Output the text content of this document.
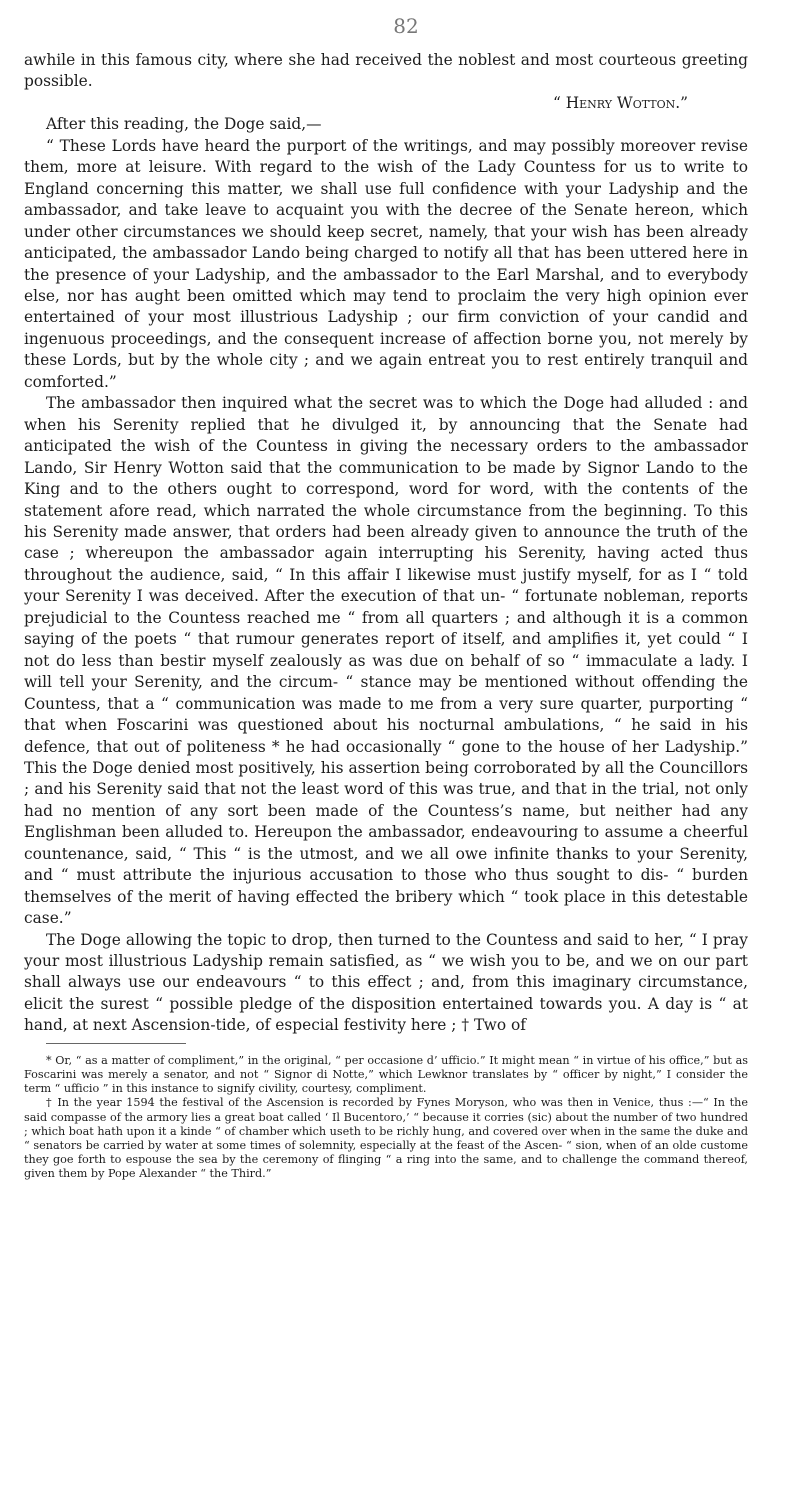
82

awhile in this famous city, where she had received the noblest and most courteous greeting possible.

“ Henry Wotton.”

After this reading, the Doge said,—

“ These Lords have heard the purport of the writings, and may possibly moreover revise them, more at leisure. With regard to the wish of the Lady Countess for us to write to England concerning this matter, we shall use full confidence with your Ladyship and the ambassador, and take leave to acquaint you with the decree of the Senate hereon, which under other circumstances we should keep secret, namely, that your wish has been already anticipated, the ambassador Lando being charged to notify all that has been uttered here in the presence of your Ladyship, and the ambassador to the Earl Marshal, and to everybody else, nor has aught been omitted which may tend to proclaim the very high opinion ever entertained of your most illustrious Ladyship ; our firm conviction of your candid and ingenuous proceedings, and the consequent increase of affection borne you, not merely by these Lords, but by the whole city ; and we again entreat you to rest entirely tranquil and comforted.”

The ambassador then inquired what the secret was to which the Doge had alluded : and when his Serenity replied that he divulged it, by announcing that the Senate had anticipated the wish of the Countess in giving the necessary orders to the ambassador Lando, Sir Henry Wotton said that the communication to be made by Signor Lando to the King and to the others ought to correspond, word for word, with the contents of the statement afore read, which narrated the whole circumstance from the beginning. To this his Serenity made answer, that orders had been already given to announce the truth of the case ; whereupon the ambassador again interrupting his Serenity, having acted thus throughout the audience, said, “ In this affair I likewise must justify myself, for as I “ told your Serenity I was deceived. After the execution of that un- “ fortunate nobleman, reports prejudicial to the Countess reached me “ from all quarters ; and although it is a common saying of the poets “ that rumour generates report of itself, and amplifies it, yet could “ I not do less than bestir myself zealously as was due on behalf of so “ immaculate a lady. I will tell your Serenity, and the circum- “ stance may be mentioned without offending the Countess, that a “ communication was made to me from a very sure quarter, purporting “ that when Foscarini was questioned about his nocturnal ambulations, “ he said in his defence, that out of politeness * he had occasionally “ gone to the house of her Ladyship.” This the Doge denied most positively, his assertion being corroborated by all the Councillors ; and his Serenity said that not the least word of this was true, and that in the trial, not only had no mention of any sort been made of the Countess’s name, but neither had any Englishman been alluded to. Hereupon the ambassador, endeavouring to assume a cheerful countenance, said, “ This “ is the utmost, and we all owe infinite thanks to your Serenity, and “ must attribute the injurious accusation to those who thus sought to dis- “ burden themselves of the merit of having effected the bribery which “ took place in this detestable case.”

The Doge allowing the topic to drop, then turned to the Countess and said to her, “ I pray your most illustrious Ladyship remain satisfied, as “ we wish you to be, and we on our part shall always use our endeavours “ to this effect ; and, from this imaginary circumstance, elicit the surest “ possible pledge of the disposition entertained towards you. A day is “ at hand, at next Ascension-tide, of especial festivity here ; † Two of

* Or, “ as a matter of compliment,” in the original, “ per occasione d’ ufficio.” It might mean “ in virtue of his office,” but as Foscarini was merely a senator, and not “ Signor di Notte,” which Lewknor translates by “ officer by night,” I consider the term “ ufficio ” in this instance to signify civility, courtesy, compliment.

† In the year 1594 the festival of the Ascension is recorded by Fynes Moryson, who was then in Venice, thus :—“ In the said compasse of the armory lies a great boat called ‘ Il Bucentoro,’ “ because it corries (sic) about the number of two hundred ; which boat hath upon it a kinde “ of chamber which useth to be richly hung, and covered over when in the same the duke and “ senators be carried by water at some times of solemnity, especially at the feast of the Ascen- “ sion, when of an olde custome they goe forth to espouse the sea by the ceremony of flinging “ a ring into the same, and to challenge the command thereof, given them by Pope Alexander “ the Third.”
